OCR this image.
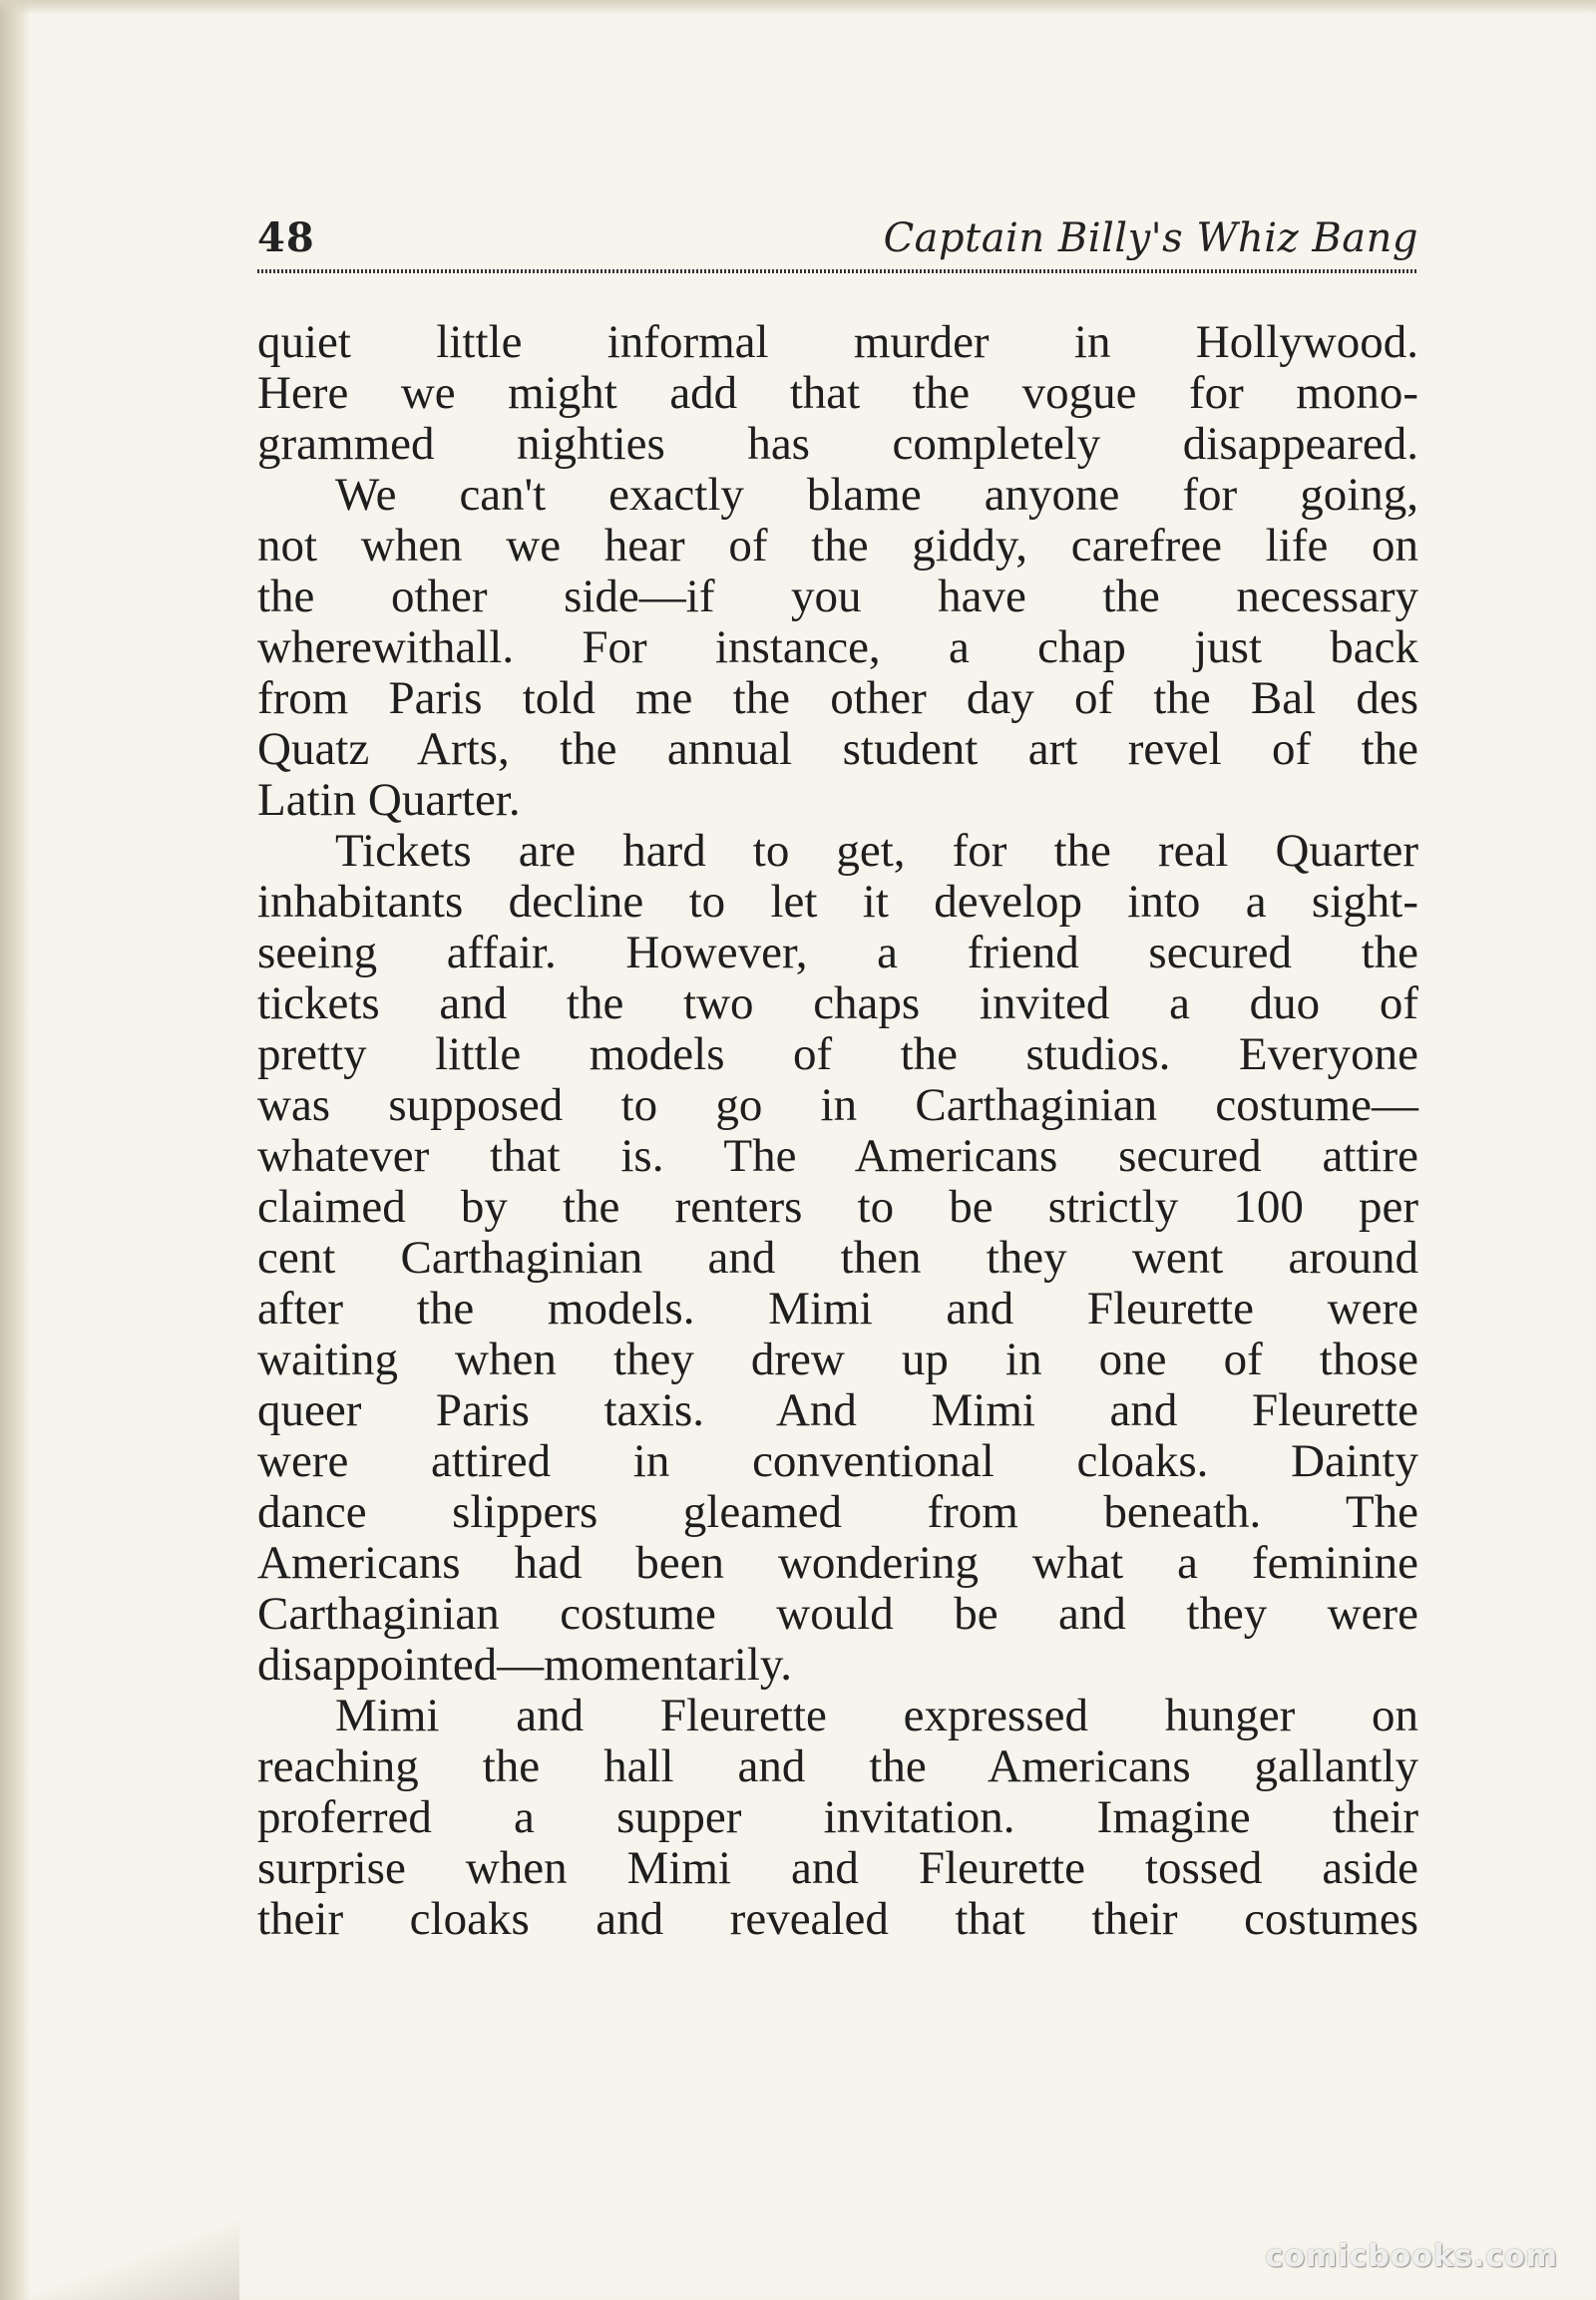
48	Captain Billy's Whiz Bang
quiet little informal murder in Hollywood.
Here we might add that the vogue for mono-
grammed nighties has completely disappeared.
We can't exactly blame anyone for going,
not when we hear of the giddy, carefree life on
the other side—if you have the necessary
wherewithall. For instance, a chap just back
from Paris told me the other day of the Bal des
Quatz Arts, the annual student art revel of the
Latin Quarter.
Tickets are hard to get, for the real Quarter
inhabitants decline to let it develop into a sight-
seeing affair. However, a friend secured the
tickets and the two chaps invited a duo of
pretty little models of the studios. Everyone
was supposed to go in Carthaginian costume—
whatever that is. The Americans secured attire
claimed by the renters to be strictly 100 per
cent Carthaginian and then they went around
after the models. Mimi and Fleurette were
waiting when they drew up in one of those
queer Paris taxis. And Mimi and Fleurette
were attired in conventional cloaks. Dainty
dance slippers gleamed from beneath. The
Americans had been wondering what a feminine
Carthaginian costume would be and they were
disappointed—momentarily.
Mimi and Fleurette expressed hunger on
reaching the hall and the Americans gallantly
proferred a supper invitation. Imagine their
surprise when Mimi and Fleurette tossed aside
their cloaks and revealed that their costumes
comicbooks.com
